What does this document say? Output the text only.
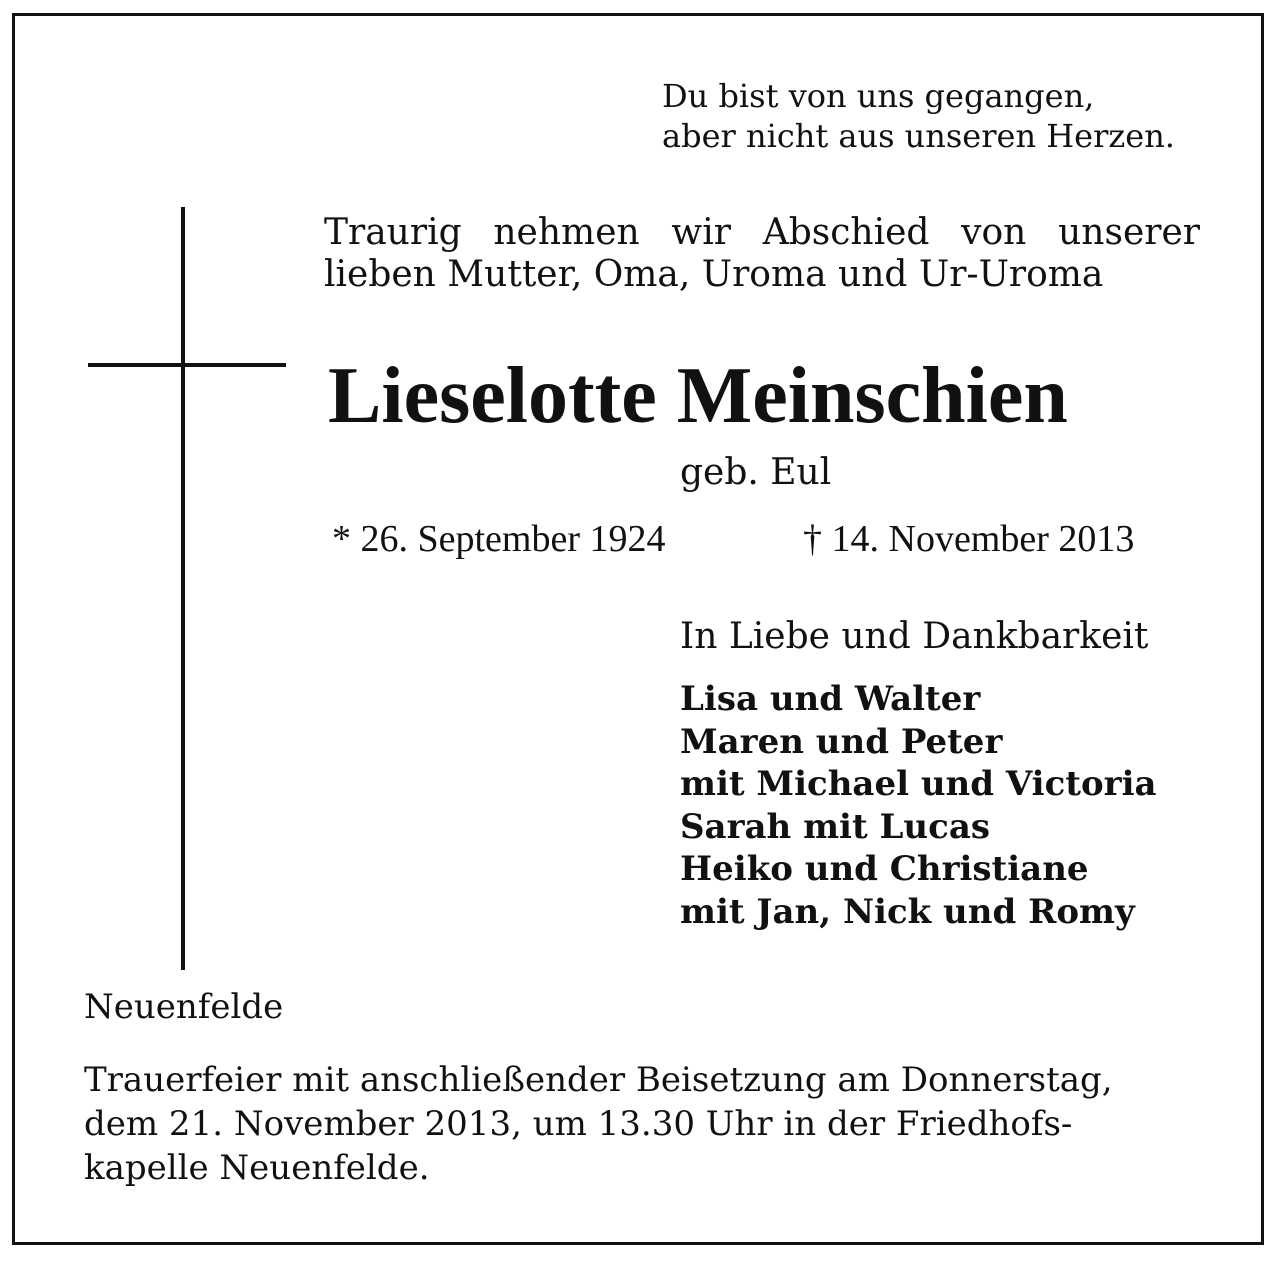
Du bist von uns gegangen,
aber nicht aus unseren Herzen.
Traurig nehmen wir Abschied von unserer
lieben Mutter, Oma, Uroma und Ur-Uroma
Lieselotte Meinschien
geb. Eul
* 26. September 1924	† 14. November 2013
In Liebe und Dankbarkeit
Lisa und Walter
Maren und Peter
mit Michael und Victoria
Sarah mit Lucas
Heiko und Christiane
mit Jan, Nick und Romy
Neuenfelde
Trauerfeier mit anschließender Beisetzung am Donnerstag,
dem 21. November 2013, um 13.30 Uhr in der Friedhofs-
kapelle Neuenfelde.
